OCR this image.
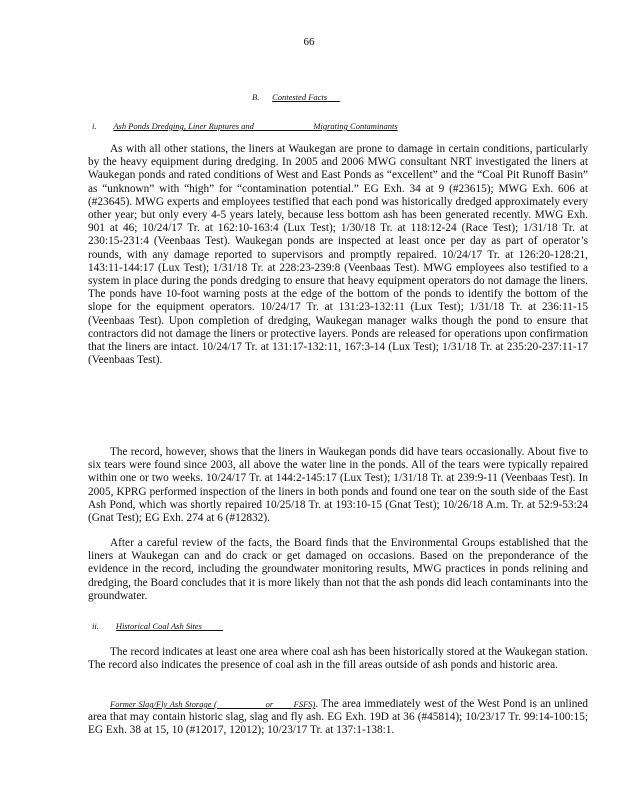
66
B. Contested Facts
i. Ash Ponds Dredging, Liner Ruptures and	Migrating Contaminants

As with all other stations, the liners at Waukegan are prone to damage in certain conditions, particularly by the heavy equipment during dredging. In 2005 and 2006 MWG consultant NRT investigated the liners at Waukegan ponds and rated conditions of West and East Ponds as “excellent” and the “Coal Pit Runoff Basin” as “unknown” with “high” for “contamination potential.” EG Exh. 34 at 9 (#23615); MWG Exh. 606 at (#23645). MWG experts and employees testified that each pond was historically dredged approximately every other year; but only every 4-5 years lately, because less bottom ash has been generated recently. MWG Exh. 901 at 46; 10/24/17 Tr. at 162:10-163:4 (Lux Test); 1/30/18 Tr. at 118:12-24 (Race Test); 1/31/18 Tr. at 230:15-231:4 (Veenbaas Test). Waukegan ponds are inspected at least once per day as part of operator’s rounds, with any damage reported to supervisors and promptly repaired. 10/24/17 Tr. at 126:20-128:21, 143:11-144:17 (Lux Test); 1/31/18 Tr. at 228:23-239:8 (Veenbaas Test). MWG employees also testified to a system in place during the ponds dredging to ensure that heavy equipment operators do not damage the liners. The ponds have 10-foot warning posts at the edge of the bottom of the ponds to identify the bottom of the slope for the equipment operators. 10/24/17 Tr. at 131:23-132:11 (Lux Test); 1/31/18 Tr. at 236:11-15 (Veenbaas Test). Upon completion of dredging, Waukegan manager walks though the pond to ensure that contractors did not damage the liners or protective layers. Ponds are released for operations upon confirmation that the liners are intact. 10/24/17 Tr. at 131:17-132:11, 167:3-14 (Lux Test); 1/31/18 Tr. at 235:20-237:11-17 (Veenbaas Test).

The record, however, shows that the liners in Waukegan ponds did have tears occasionally. About five to six tears were found since 2003, all above the water line in the ponds. All of the tears were typically repaired within one or two weeks. 10/24/17 Tr. at 144:2-145:17 (Lux Test); 1/31/18 Tr. at 239:9-11 (Veenbaas Test). In 2005, KPRG performed inspection of the liners in both ponds and found one tear on the south side of the East Ash Pond, which was shortly repaired 10/25/18 Tr. at 193:10-15 (Gnat Test); 10/26/18 A.m. Tr. at 52:9-53:24 (Gnat Test); EG Exh. 274 at 6 (#12832).

After a careful review of the facts, the Board finds that the Environmental Groups established that the liners at Waukegan can and do crack or get damaged on occasions. Based on the preponderance of the evidence in the record, including the groundwater monitoring results, MWG practices in ponds relining and dredging, the Board concludes that it is more likely than not that the ash ponds did leach contaminants into the groundwater.

ii. Historical Coal Ash Sites

The record indicates at least one area where coal ash has been historically stored at the Waukegan station. The record also indicates the presence of coal ash in the fill areas outside of ash ponds and historic area.

Former Slag/Fly Ash Storage (	or FSFS). The area immediately west of the West Pond is an unlined area that may contain historic slag, slag and fly ash. EG Exh. 19D at 36 (#45814); 10/23/17 Tr. 99:14-100:15; EG Exh. 38 at 15, 10 (#12017, 12012); 10/23/17 Tr. at 137:1-138:1.
